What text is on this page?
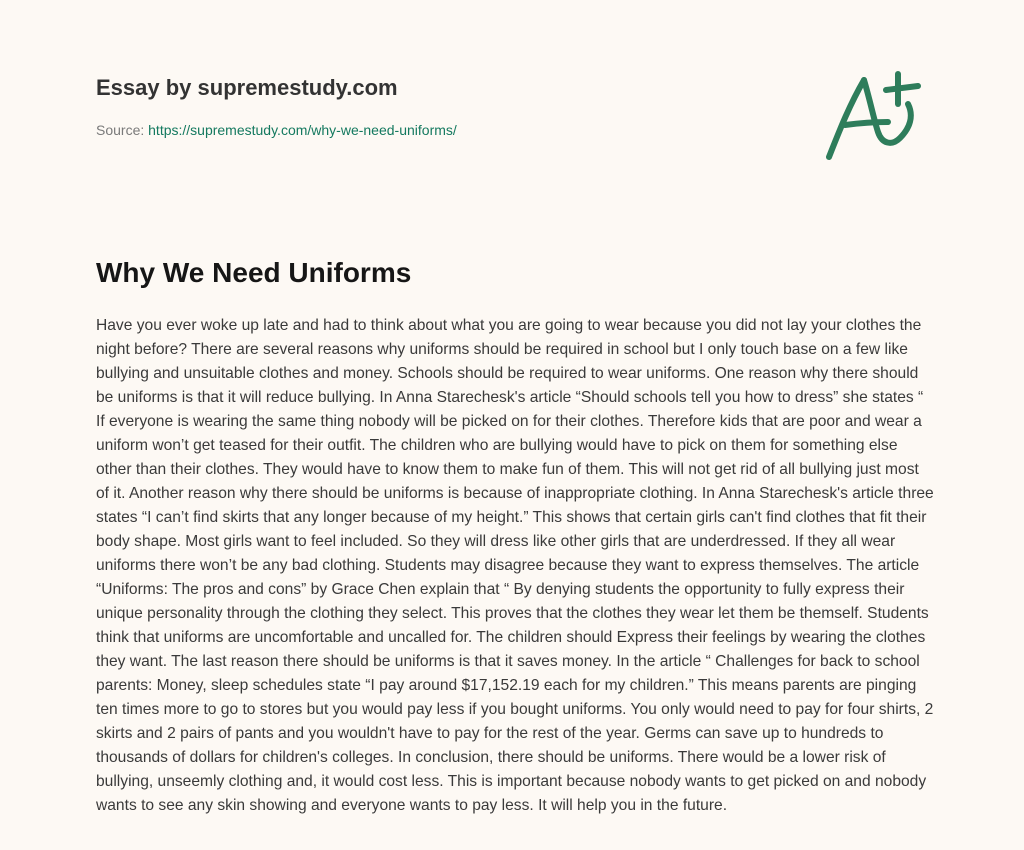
Essay by supremestudy.com
Source: https://supremestudy.com/why-we-need-uniforms/
Why We Need Uniforms

Have you ever woke up late and had to think about what you are going to wear because you did not lay your clothes the night before? There are several reasons why uniforms should be required in school but I only touch base on a few like bullying and unsuitable clothes and money. Schools should be required to wear uniforms. One reason why there should be uniforms is that it will reduce bullying. In Anna Starechesk's article “Should schools tell you how to dress” she states “ If everyone is wearing the same thing nobody will be picked on for their clothes. Therefore kids that are poor and wear a uniform won’t get teased for their outfit. The children who are bullying would have to pick on them for something else other than their clothes. They would have to know them to make fun of them. This will not get rid of all bullying just most of it. Another reason why there should be uniforms is because of inappropriate clothing. In Anna Starechesk's article three states “I can’t find skirts that any longer because of my height.” This shows that certain girls can't find clothes that fit their body shape. Most girls want to feel included. So they will dress like other girls that are underdressed. If they all wear uniforms there won’t be any bad clothing. Students may disagree because they want to express themselves. The article “Uniforms: The pros and cons” by Grace Chen explain that “ By denying students the opportunity to fully express their unique personality through the clothing they select. This proves that the clothes they wear let them be themself. Students think that uniforms are uncomfortable and uncalled for. The children should Express their feelings by wearing the clothes they want. The last reason there should be uniforms is that it saves money. In the article “ Challenges for back to school parents: Money, sleep schedules state “I pay around $17,152.19 each for my children.” This means parents are pinging ten times more to go to stores but you would pay less if you bought uniforms. You only would need to pay for four shirts, 2 skirts and 2 pairs of pants and you wouldn't have to pay for the rest of the year. Germs can save up to hundreds to thousands of dollars for children's colleges. In conclusion, there should be uniforms. There would be a lower risk of bullying, unseemly clothing and, it would cost less. This is important because nobody wants to get picked on and nobody wants to see any skin showing and everyone wants to pay less. It will help you in the future.
